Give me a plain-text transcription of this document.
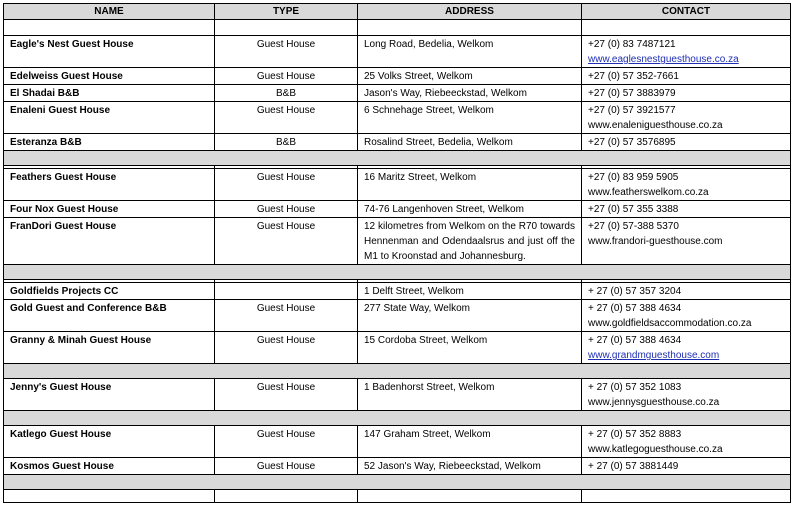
NAME	TYPE	ADDRESS	CONTACT

Eagle's Nest Guest House	Guest House	Long Road, Bedelia, Welkom	+27 (0) 83 7487121
www.eaglesnestguesthouse.co.za

Edelweiss Guest House	Guest House	25 Volks Street, Welkom	+27 (0) 57 352-7661

El Shadai B&B	B&B	Jason's Way, Riebeeckstad, Welkom	+27 (0) 57 3883979

Enaleni Guest House	Guest House	6 Schnehage Street, Welkom	+27 (0) 57 3921577
www.enaleniguesthouse.co.za

Esteranza B&B	B&B	Rosalind Street, Bedelia, Welkom	+27 (0) 57 3576895

Feathers Guest House	Guest House	16 Maritz Street, Welkom	+27 (0) 83 959 5905
www.featherswelkom.co.za

Four Nox Guest House	Guest House	74-76 Langenhoven Street, Welkom	+27 (0) 57 355 3388

FranDori Guest House	Guest House	12 kilometres from Welkom on the R70 towards Hennenman and Odendaalsrus and just off the M1 to Kroonstad and Johannesburg.	+27 (0) 57-388 5370
www.frandori-guesthouse.com

Goldfields Projects CC		1 Delft Street, Welkom	+ 27 (0) 57 357 3204

Gold Guest and Conference B&B	Guest House	277 State Way, Welkom	+ 27 (0) 57 388 4634
www.goldfieldsaccommodation.co.za

Granny & Minah Guest House	Guest House	15 Cordoba Street, Welkom	+ 27 (0) 57 388 4634
www.grandmguesthouse.com

Jenny's Guest House	Guest House	1 Badenhorst Street, Welkom	+ 27 (0) 57 352 1083
www.jennysguesthouse.co.za

Katlego Guest House	Guest House	147 Graham Street, Welkom	+ 27 (0) 57 352 8883
www.katlegoguesthouse.co.za

Kosmos Guest House	Guest House	52 Jason's Way, Riebeeckstad, Welkom	+ 27 (0) 57 3881449
